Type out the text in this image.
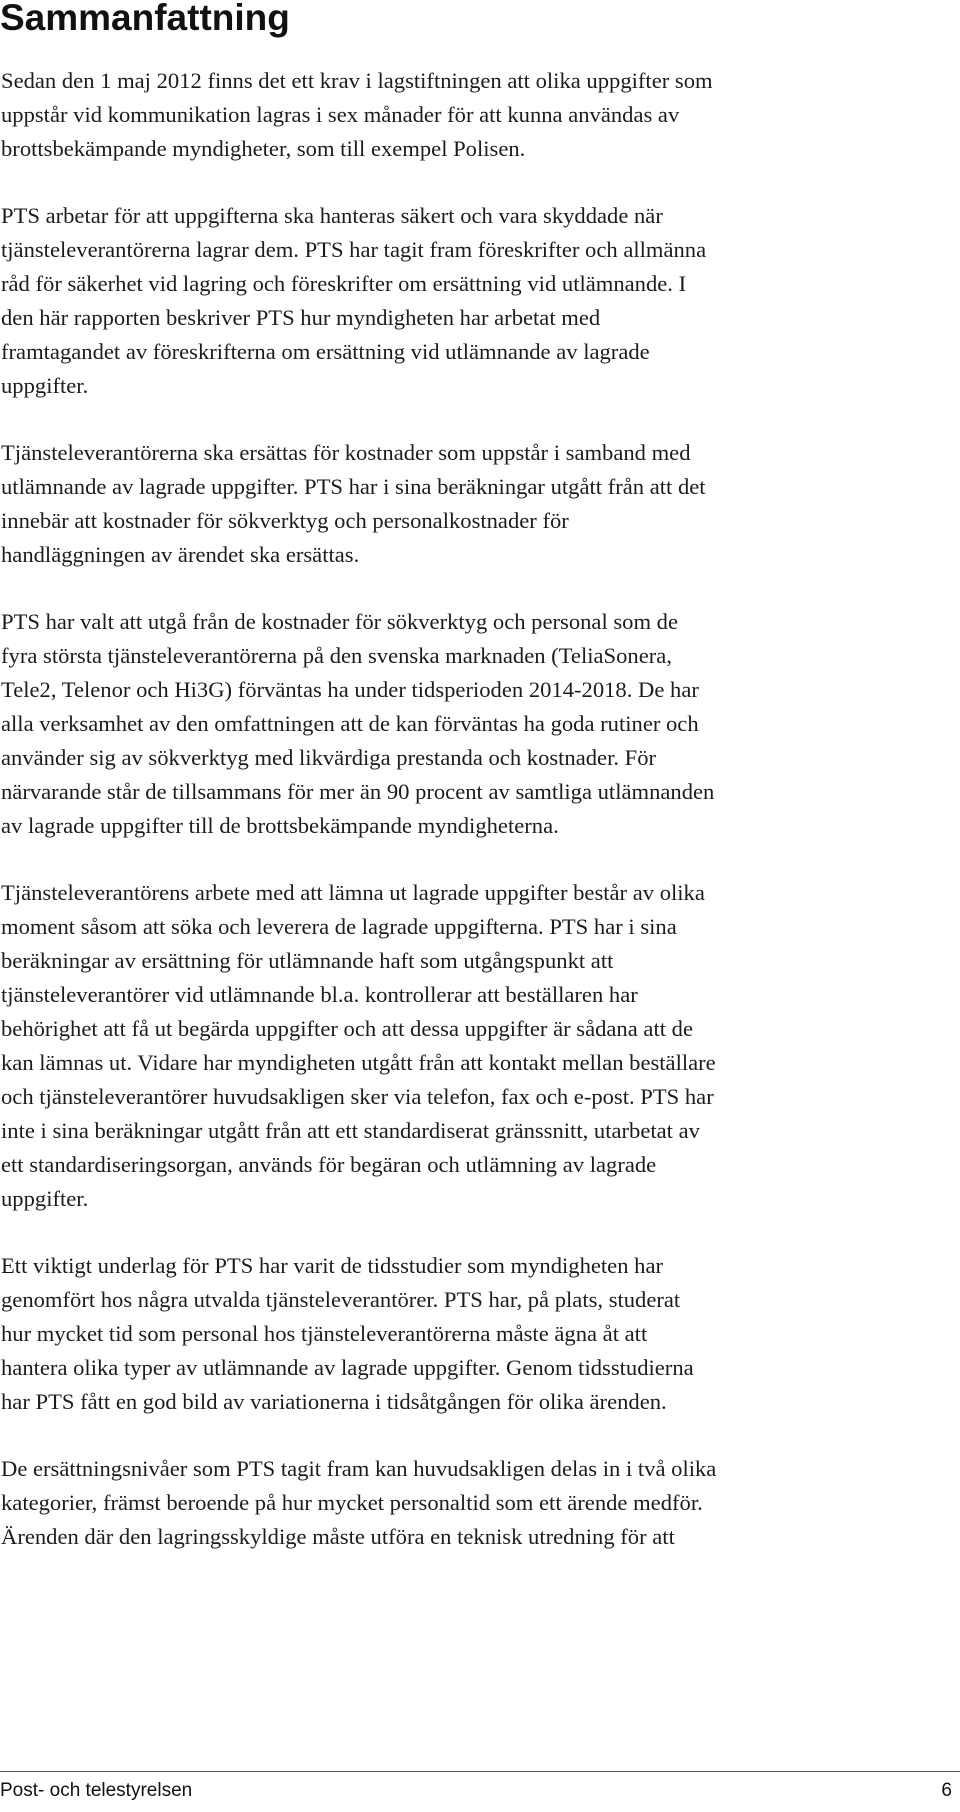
Sammanfattning

Sedan den 1 maj 2012 finns det ett krav i lagstiftningen att olika uppgifter som
uppstår vid kommunikation lagras i sex månader för att kunna användas av
brottsbekämpande myndigheter, som till exempel Polisen.

PTS arbetar för att uppgifterna ska hanteras säkert och vara skyddade när
tjänsteleverantörerna lagrar dem. PTS har tagit fram föreskrifter och allmänna
råd för säkerhet vid lagring och föreskrifter om ersättning vid utlämnande. I
den här rapporten beskriver PTS hur myndigheten har arbetat med
framtagandet av föreskrifterna om ersättning vid utlämnande av lagrade
uppgifter.

Tjänsteleverantörerna ska ersättas för kostnader som uppstår i samband med
utlämnande av lagrade uppgifter. PTS har i sina beräkningar utgått från att det
innebär att kostnader för sökverktyg och personalkostnader för
handläggningen av ärendet ska ersättas.

PTS har valt att utgå från de kostnader för sökverktyg och personal som de
fyra största tjänsteleverantörerna på den svenska marknaden (TeliaSonera,
Tele2, Telenor och Hi3G) förväntas ha under tidsperioden 2014-2018. De har
alla verksamhet av den omfattningen att de kan förväntas ha goda rutiner och
använder sig av sökverktyg med likvärdiga prestanda och kostnader. För
närvarande står de tillsammans för mer än 90 procent av samtliga utlämnanden
av lagrade uppgifter till de brottsbekämpande myndigheterna.

Tjänsteleverantörens arbete med att lämna ut lagrade uppgifter består av olika
moment såsom att söka och leverera de lagrade uppgifterna. PTS har i sina
beräkningar av ersättning för utlämnande haft som utgångspunkt att
tjänsteleverantörer vid utlämnande bl.a. kontrollerar att beställaren har
behörighet att få ut begärda uppgifter och att dessa uppgifter är sådana att de
kan lämnas ut. Vidare har myndigheten utgått från att kontakt mellan beställare
och tjänsteleverantörer huvudsakligen sker via telefon, fax och e-post. PTS har
inte i sina beräkningar utgått från att ett standardiserat gränssnitt, utarbetat av
ett standardiseringsorgan, används för begäran och utlämning av lagrade
uppgifter.

Ett viktigt underlag för PTS har varit de tidsstudier som myndigheten har
genomfört hos några utvalda tjänsteleverantörer. PTS har, på plats, studerat
hur mycket tid som personal hos tjänsteleverantörerna måste ägna åt att
hantera olika typer av utlämnande av lagrade uppgifter. Genom tidsstudierna
har PTS fått en god bild av variationerna i tidsåtgången för olika ärenden.

De ersättningsnivåer som PTS tagit fram kan huvudsakligen delas in i två olika
kategorier, främst beroende på hur mycket personaltid som ett ärende medför.
Ärenden där den lagringsskyldige måste utföra en teknisk utredning för att

Post- och telestyrelsen	6
